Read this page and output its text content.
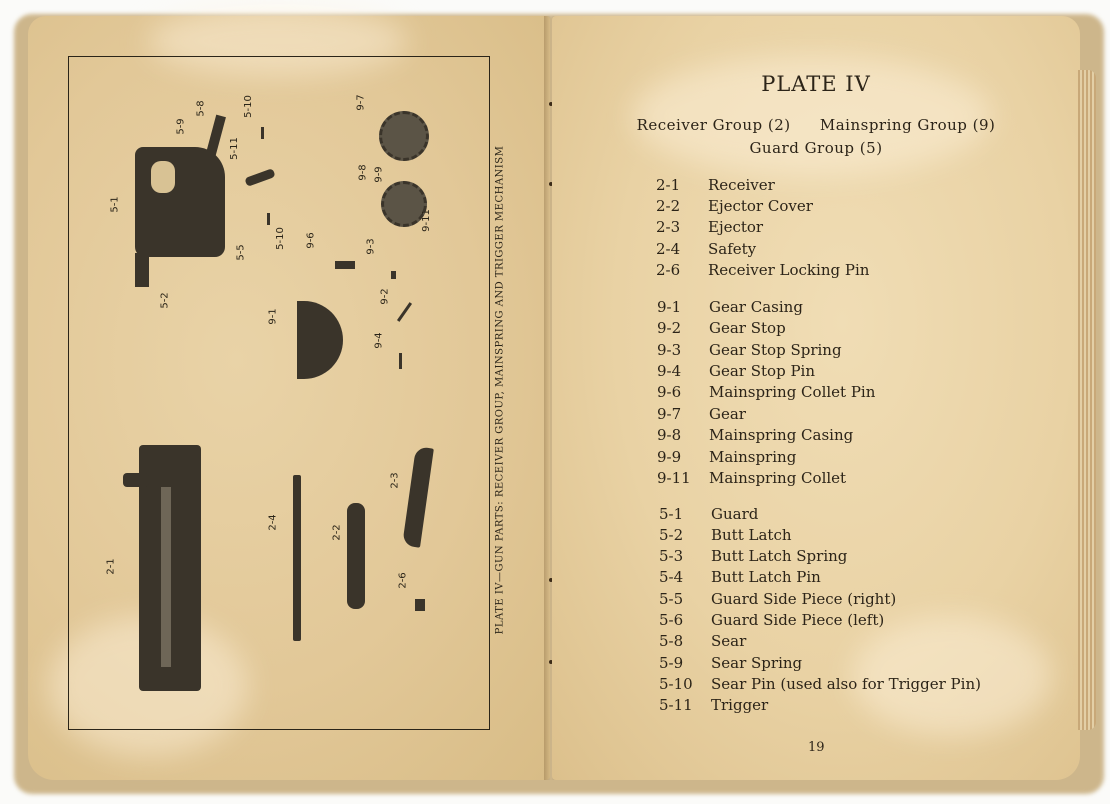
5-1
5-2
5-5
5-9
5-8	5-10
5-11
5-10
9-7
9-8 9-9
9-11
9-6	9-3
9-2
9-1
9-4
2-1
2-4
2-2
2-3
2-6	PLATE IV—GUN PARTS: RECEIVER GROUP, MAINSPRING AND TRIGGER MECHANISM
PLATE IV
Receiver Group (2) Mainspring Group (9)
Guard Group (5)
2-1 Receiver
2-2 Ejector Cover
2-3 Ejector
2-4 Safety
2-6 Receiver Locking Pin
9-1 Gear Casing
9-2 Gear Stop
9-3 Gear Stop Spring
9-4 Gear Stop Pin
9-6 Mainspring Collet Pin
9-7 Gear
9-8 Mainspring Casing
9-9 Mainspring
9-11 Mainspring Collet
5-1 Guard
5-2 Butt Latch
5-3 Butt Latch Spring
5-4 Butt Latch Pin
5-5 Guard Side Piece (right)
5-6 Guard Side Piece (left)
5-8 Sear
5-9 Sear Spring
5-10 Sear Pin (used also for Trigger Pin)
5-11 Trigger
19
